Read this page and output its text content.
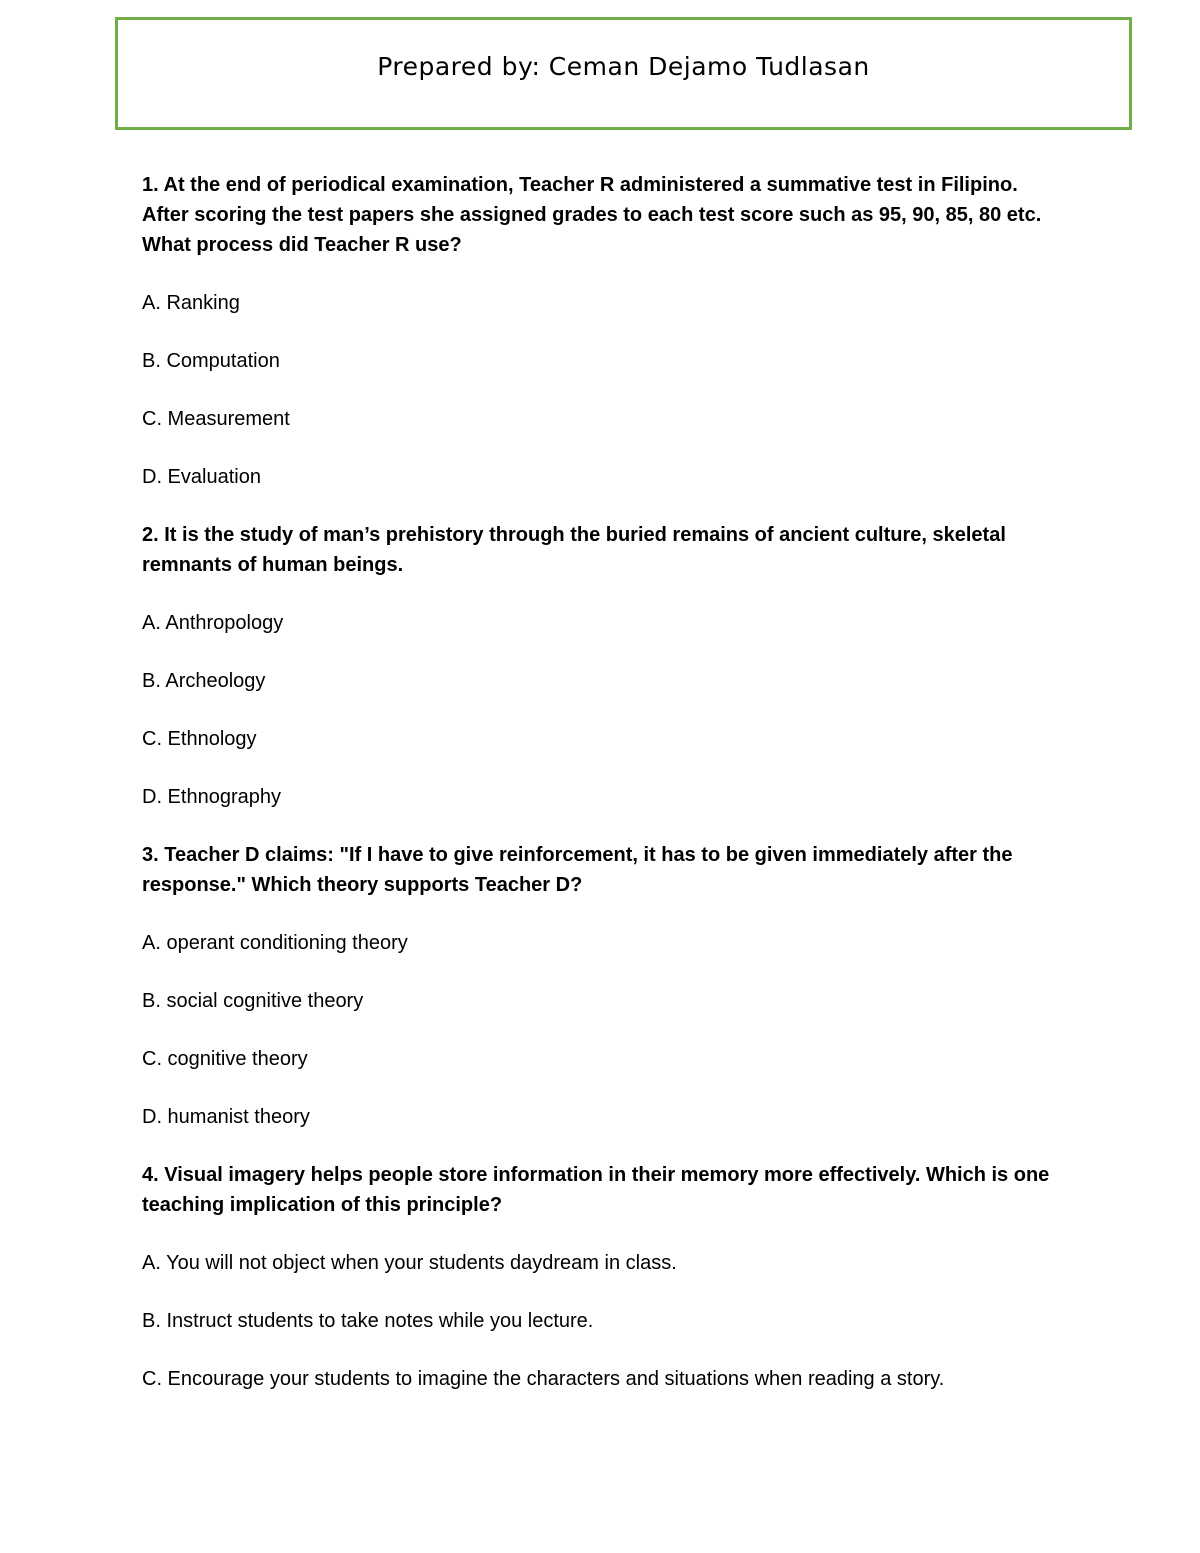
Prepared by: Ceman Dejamo Tudlasan
1. At the end of periodical examination, Teacher R administered a summative test in Filipino. After scoring the test papers she assigned grades to each test score such as 95, 90, 85, 80 etc. What process did Teacher R use?
A. Ranking
B. Computation
C. Measurement
D. Evaluation
2. It is the study of man’s prehistory through the buried remains of ancient culture, skeletal remnants of human beings.
A. Anthropology
B. Archeology
C. Ethnology
D. Ethnography
3. Teacher D claims: "If I have to give reinforcement, it has to be given immediately after the response." Which theory supports Teacher D?
A. operant conditioning theory
B. social cognitive theory
C. cognitive theory
D. humanist theory
4. Visual imagery helps people store information in their memory more effectively. Which is one teaching implication of this principle?
A. You will not object when your students daydream in class.
B. Instruct students to take notes while you lecture.
C. Encourage your students to imagine the characters and situations when reading a story.
